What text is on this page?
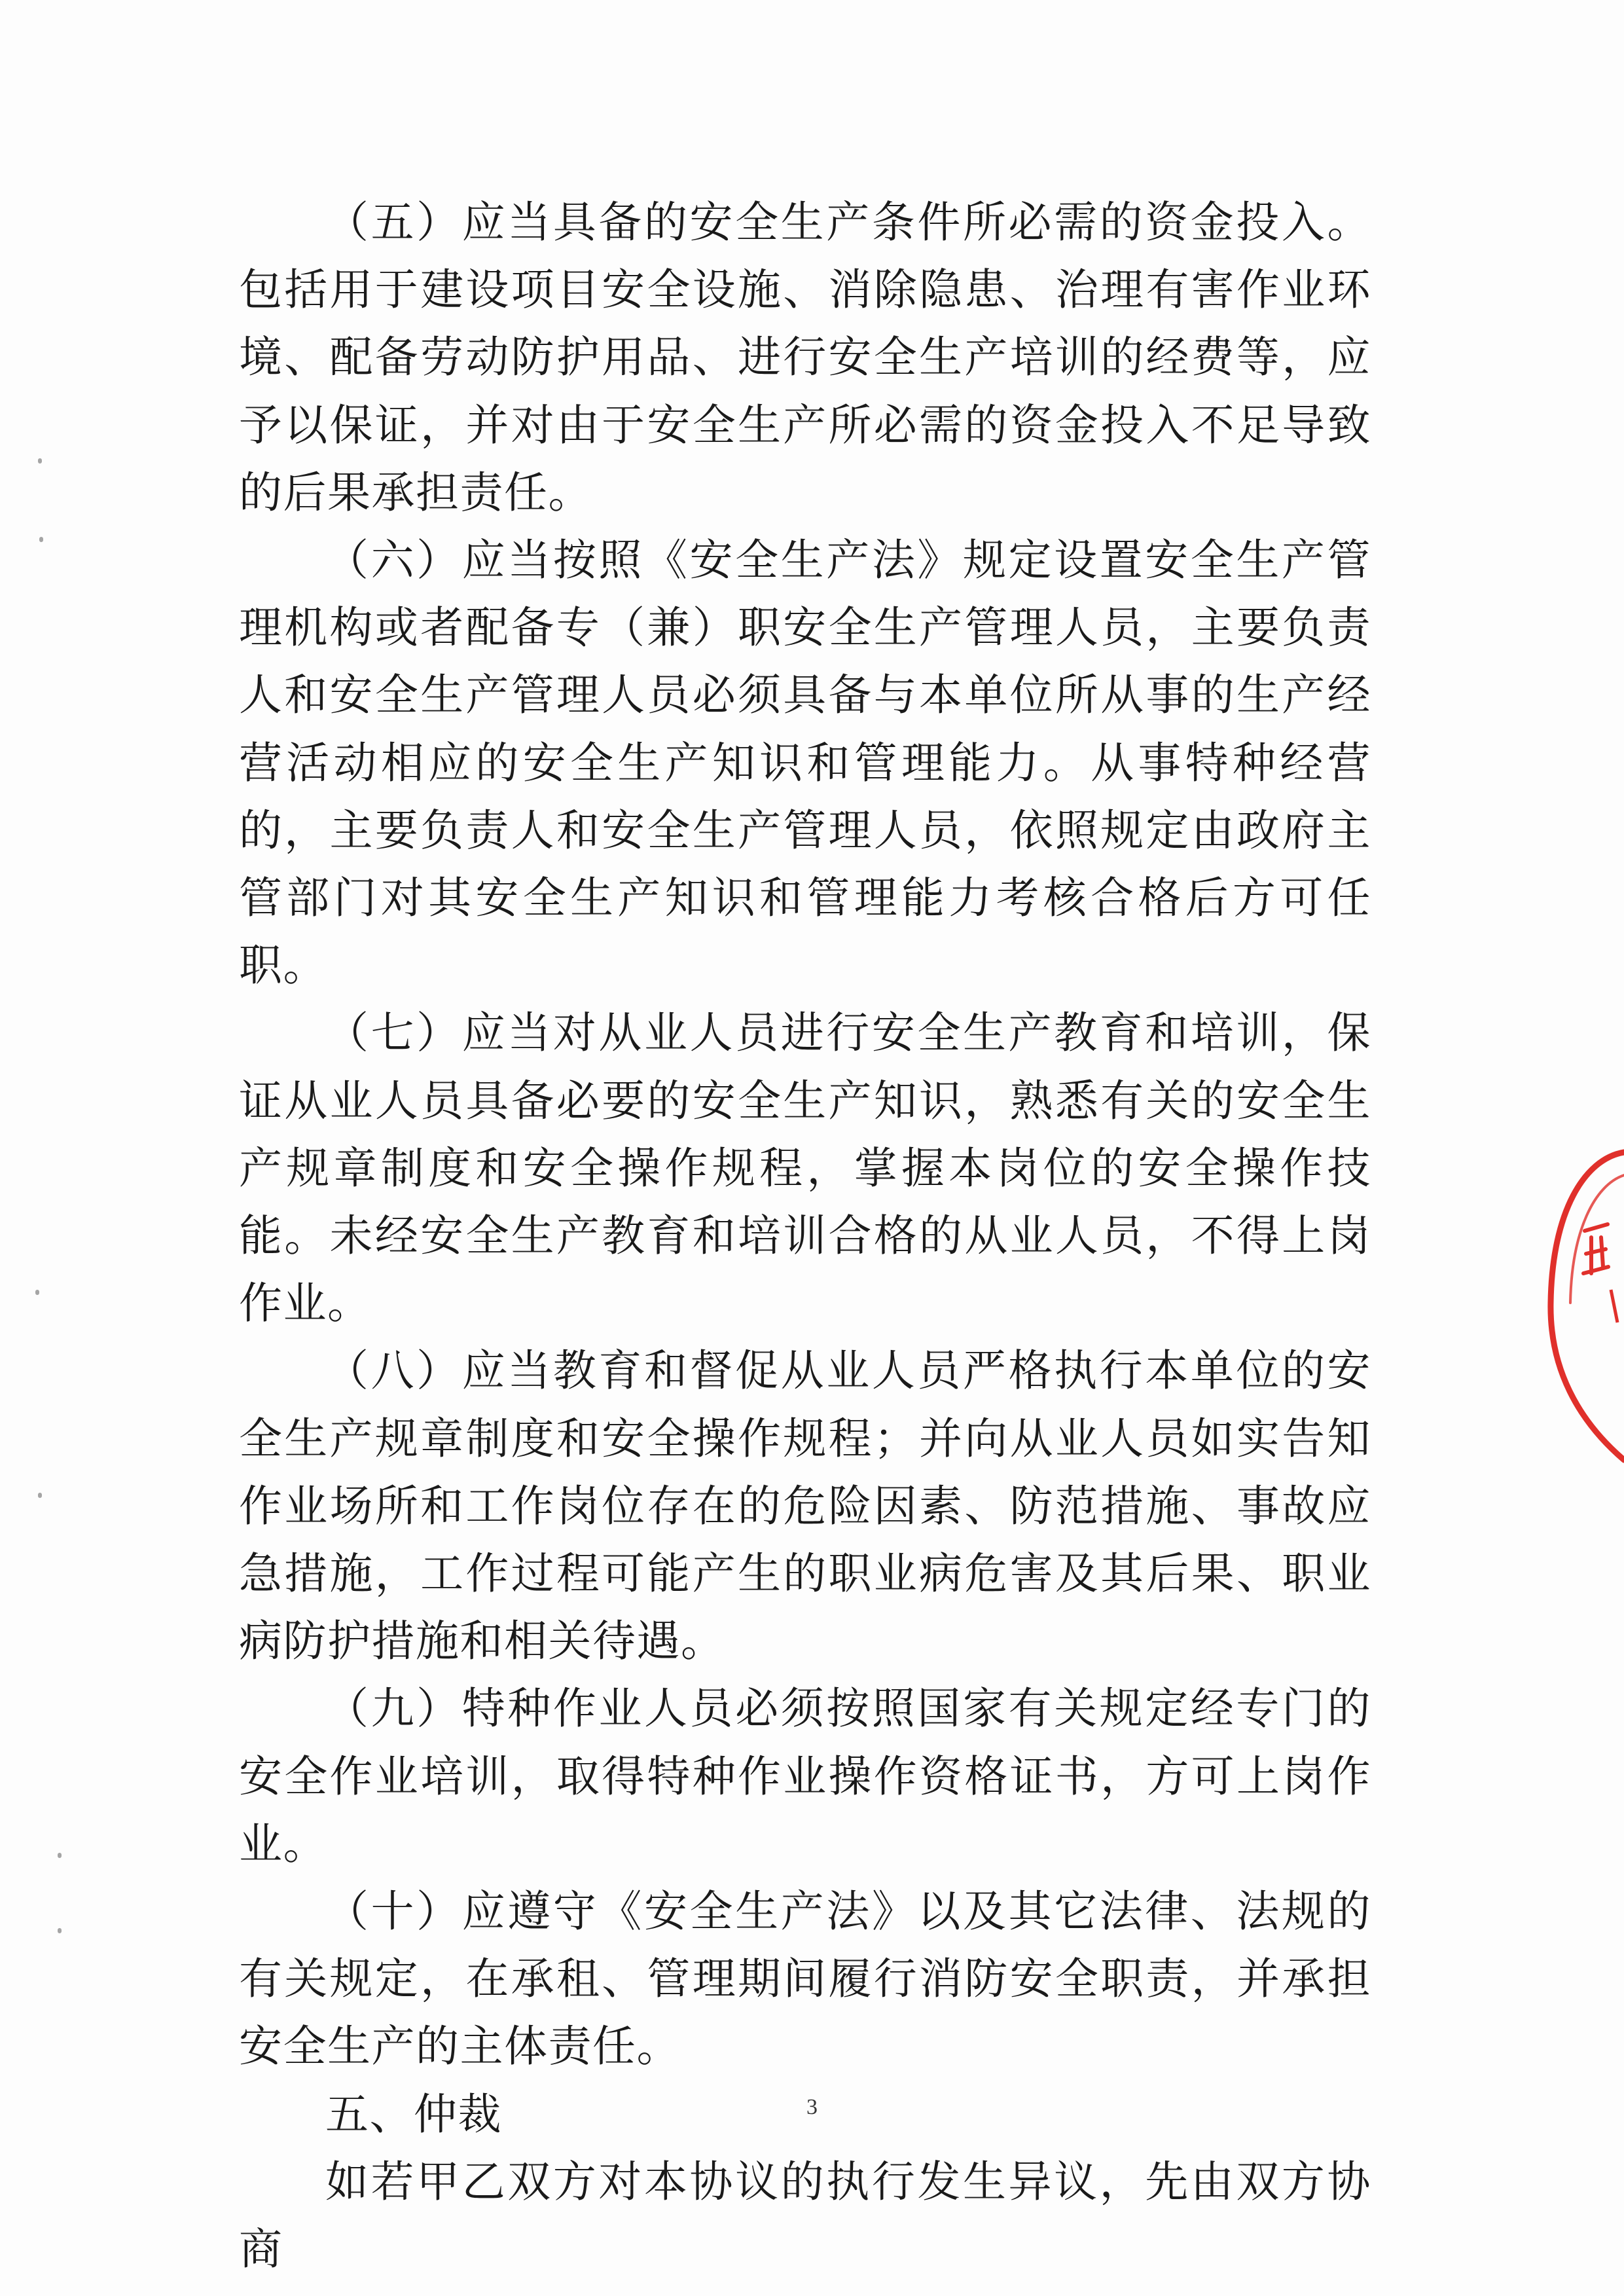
（五）应当具备的安全生产条件所必需的资金投入。包括用于建设项目安全设施、消除隐患、治理有害作业环境、配备劳动防护用品、进行安全生产培训的经费等，应予以保证，并对由于安全生产所必需的资金投入不足导致的后果承担责任。

（六）应当按照《安全生产法》规定设置安全生产管理机构或者配备专（兼）职安全生产管理人员，主要负责人和安全生产管理人员必须具备与本单位所从事的生产经营活动相应的安全生产知识和管理能力。从事特种经营的，主要负责人和安全生产管理人员，依照规定由政府主管部门对其安全生产知识和管理能力考核合格后方可任职。

（七）应当对从业人员进行安全生产教育和培训，保证从业人员具备必要的安全生产知识，熟悉有关的安全生产规章制度和安全操作规程，掌握本岗位的安全操作技能。未经安全生产教育和培训合格的从业人员，不得上岗作业。

（八）应当教育和督促从业人员严格执行本单位的安全生产规章制度和安全操作规程；并向从业人员如实告知作业场所和工作岗位存在的危险因素、防范措施、事故应急措施，工作过程可能产生的职业病危害及其后果、职业病防护措施和相关待遇。

（九）特种作业人员必须按照国家有关规定经专门的安全作业培训，取得特种作业操作资格证书，方可上岗作业。

（十）应遵守《安全生产法》以及其它法律、法规的有关规定，在承租、管理期间履行消防安全职责，并承担安全生产的主体责任。

五、仲裁

如若甲乙双方对本协议的执行发生异议，先由双方协商

3
